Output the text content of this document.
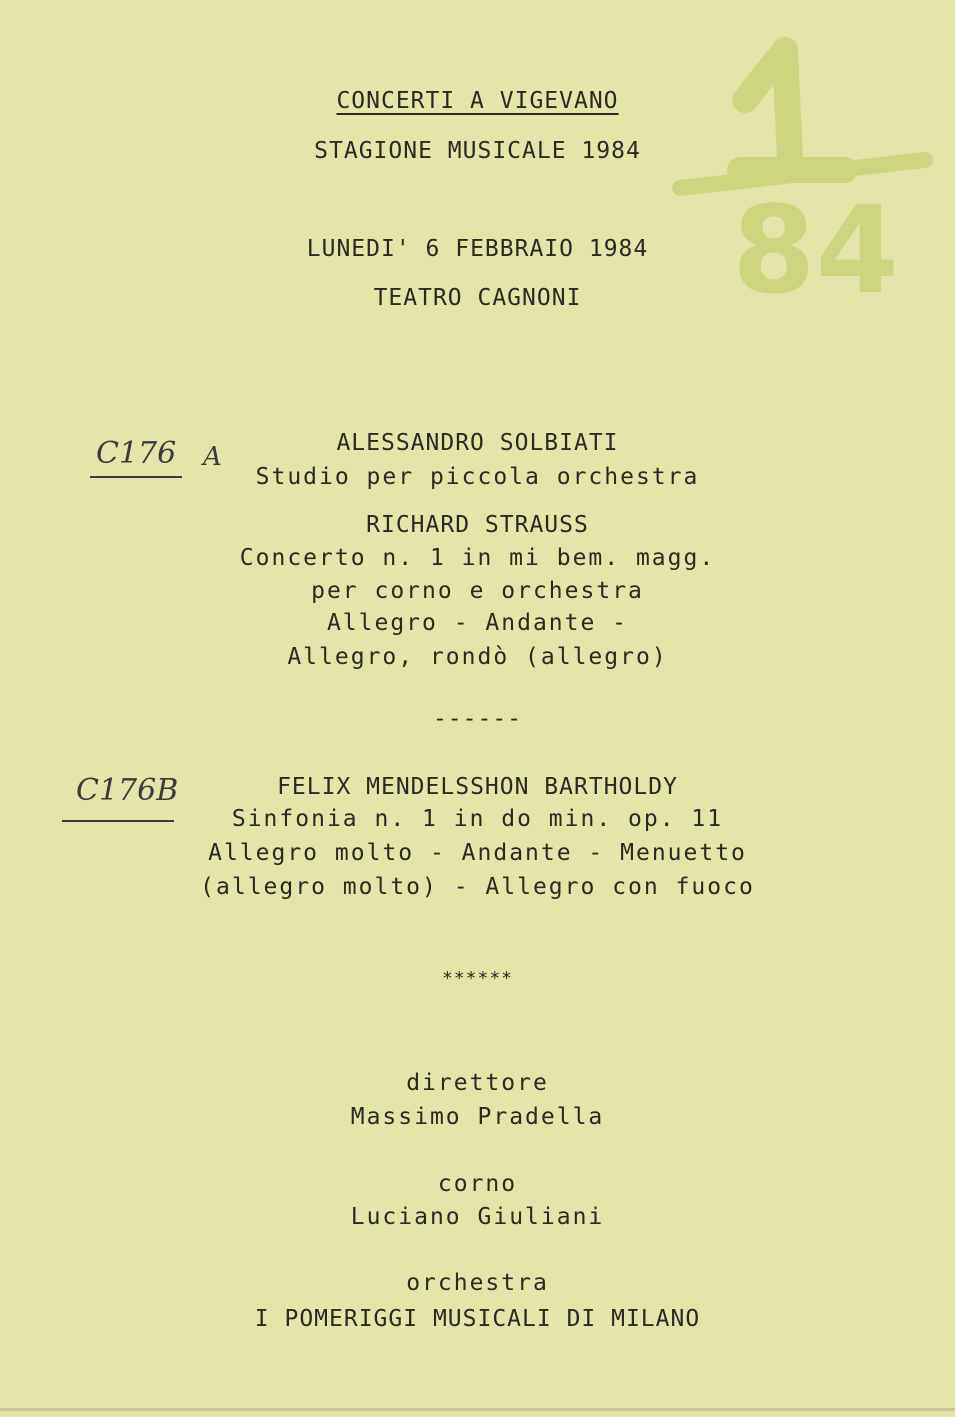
84
1
CONCERTI A VIGEVANO
STAGIONE MUSICALE 1984
LUNEDI' 6 FEBBRAIO 1984
TEATRO CAGNONI
C176 A	ALESSANDRO SOLBIATI
Studio per piccola orchestra
RICHARD STRAUSS
Concerto n. 1 in mi bem. magg.
per corno e orchestra
Allegro - Andante -
Allegro, rondò (allegro)
------
C176B	FELIX MENDELSSHON BARTHOLDY
Sinfonia n. 1 in do min. op. 11
Allegro molto - Andante - Menuetto
(allegro molto) - Allegro con fuoco
******
direttore
Massimo Pradella
corno
Luciano Giuliani
orchestra
I POMERIGGI MUSICALI DI MILANO
